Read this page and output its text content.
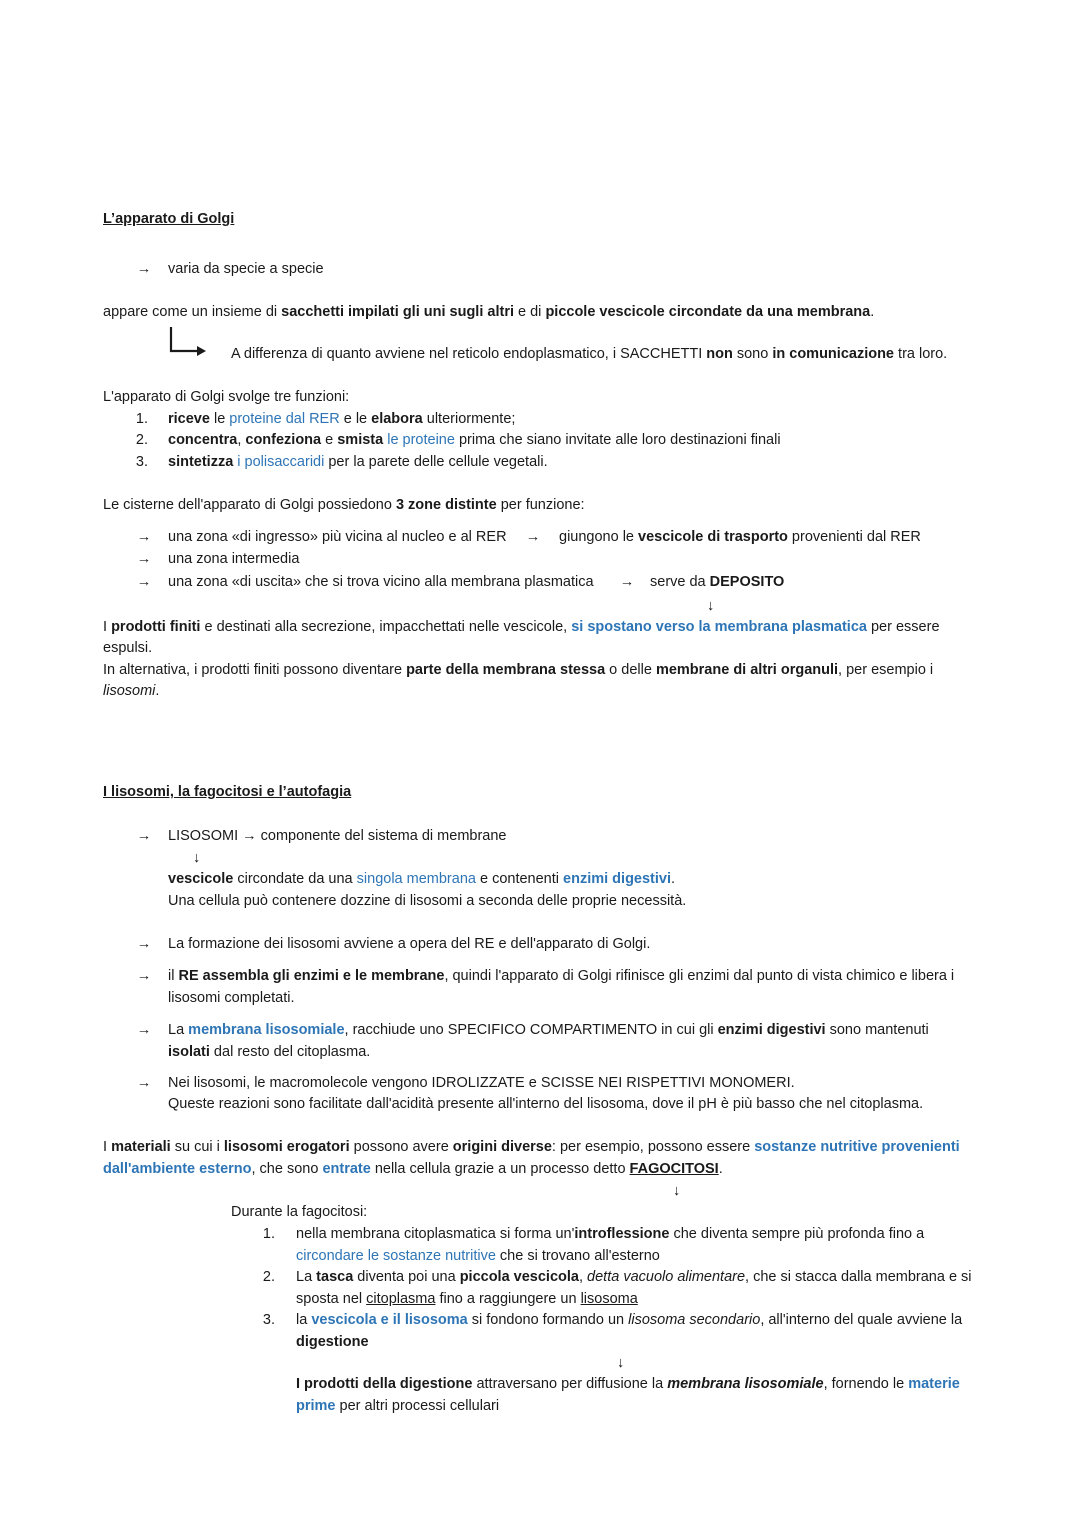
L’apparato di Golgi
→ varia da specie a specie
appare come un insieme di sacchetti impilati gli uni sugli altri e di piccole vescicole circondate da una membrana.
A differenza di quanto avviene nel reticolo endoplasmatico, i SACCHETTI non sono in comunicazione tra loro.
L'apparato di Golgi svolge tre funzioni:
1. riceve le proteine dal RER e le elabora ulteriormente;
2. concentra, confeziona e smista le proteine prima che siano invitate alle loro destinazioni finali
3. sintetizza i polisaccaridi per la parete delle cellule vegetali.
Le cisterne dell'apparato di Golgi possiedono 3 zone distinte per funzione:
→ una zona «di ingresso» più vicina al nucleo e al RER → giungono le vescicole di trasporto provenienti dal RER
→ una zona intermedia
→ una zona «di uscita» che si trova vicino alla membrana plasmatica → serve da DEPOSITO
↓
I prodotti finiti e destinati alla secrezione, impacchettati nelle vescicole, si spostano verso la membrana plasmatica per essere espulsi.
In alternativa, i prodotti finiti possono diventare parte della membrana stessa o delle membrane di altri organuli, per esempio i lisosomi.
I lisosomi, la fagocitosi e l’autofagia
→ LISOSOMI → componente del sistema di membrane
↓
vescicole circondate da una singola membrana e contenenti enzimi digestivi.
Una cellula può contenere dozzine di lisosomi a seconda delle proprie necessità.
→ La formazione dei lisosomi avviene a opera del RE e dell'apparato di Golgi.
→ il RE assembla gli enzimi e le membrane, quindi l'apparato di Golgi rifinisce gli enzimi dal punto di vista chimico e libera i lisosomi completati.
→ La membrana lisosomiale, racchiude uno SPECIFICO COMPARTIMENTO in cui gli enzimi digestivi sono mantenuti isolati dal resto del citoplasma.
→ Nei lisosomi, le macromolecole vengono IDROLIZZATE e SCISSE NEI RISPETTIVI MONOMERI.
Queste reazioni sono facilitate dall'acidità presente all'interno del lisosoma, dove il pH è più basso che nel citoplasma.
I materiali su cui i lisosomi erogatori possono avere origini diverse: per esempio, possono essere sostanze nutritive provenienti dall'ambiente esterno, che sono entrate nella cellula grazie a un processo detto FAGOCITOSI.
↓
Durante la fagocitosi:
1. nella membrana citoplasmatica si forma un'introflessione che diventa sempre più profonda fino a circondare le sostanze nutritive che si trovano all'esterno
2. La tasca diventa poi una piccola vescicola, detta vacuolo alimentare, che si stacca dalla membrana e si sposta nel citoplasma fino a raggiungere un lisosoma
3. la vescicola e il lisosoma si fondono formando un lisosoma secondario, all'interno del quale avviene la digestione
↓
I prodotti della digestione attraversano per diffusione la membrana lisosomiale, fornendo le materie prime per altri processi cellulari
